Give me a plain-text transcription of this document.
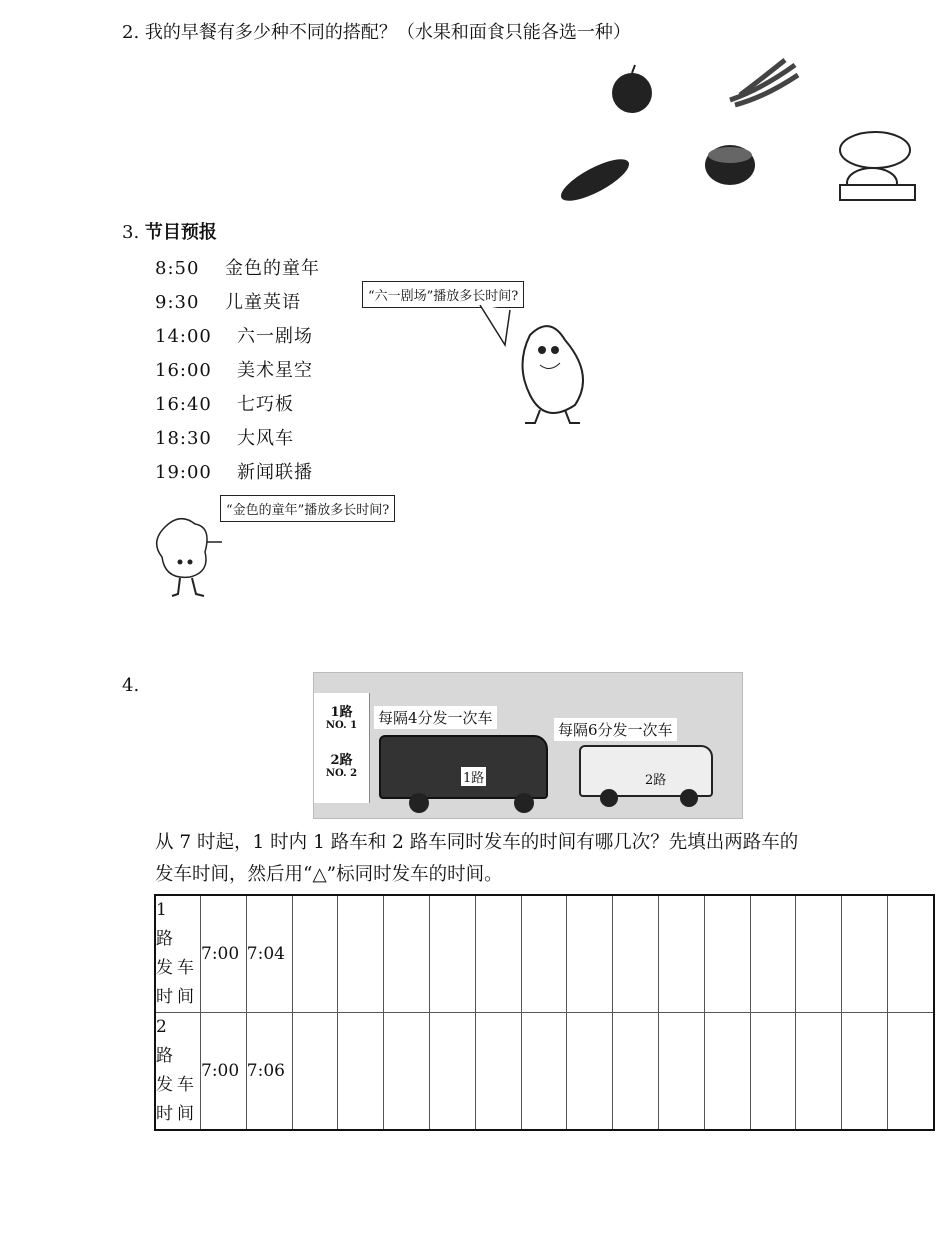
2. 我的早餐有多少种不同的搭配？（水果和面食只能各选一种）
3. 节目预报
8:50 金色的童年
9:30 儿童英语
14:00 六一剧场
16:00 美术星空
16:40 七巧板
18:30 大风车
19:00 新闻联播
“六一剧场”播放多长时间?
“金色的童年”播放多长时间?
4.
1路
NO. 1
2路
NO. 2
每隔4分发一次车
每隔6分发一次车
1路	2路
从 7 时起，1 时内 1 路车和 2 路车同时发车的时间有哪几次？先填出两路车的
发车时间，然后用“△”标同时发车的时间。
1 路 发车 时间	7:00	7:04														
2 路 发车 时间	7:00	7:06														
